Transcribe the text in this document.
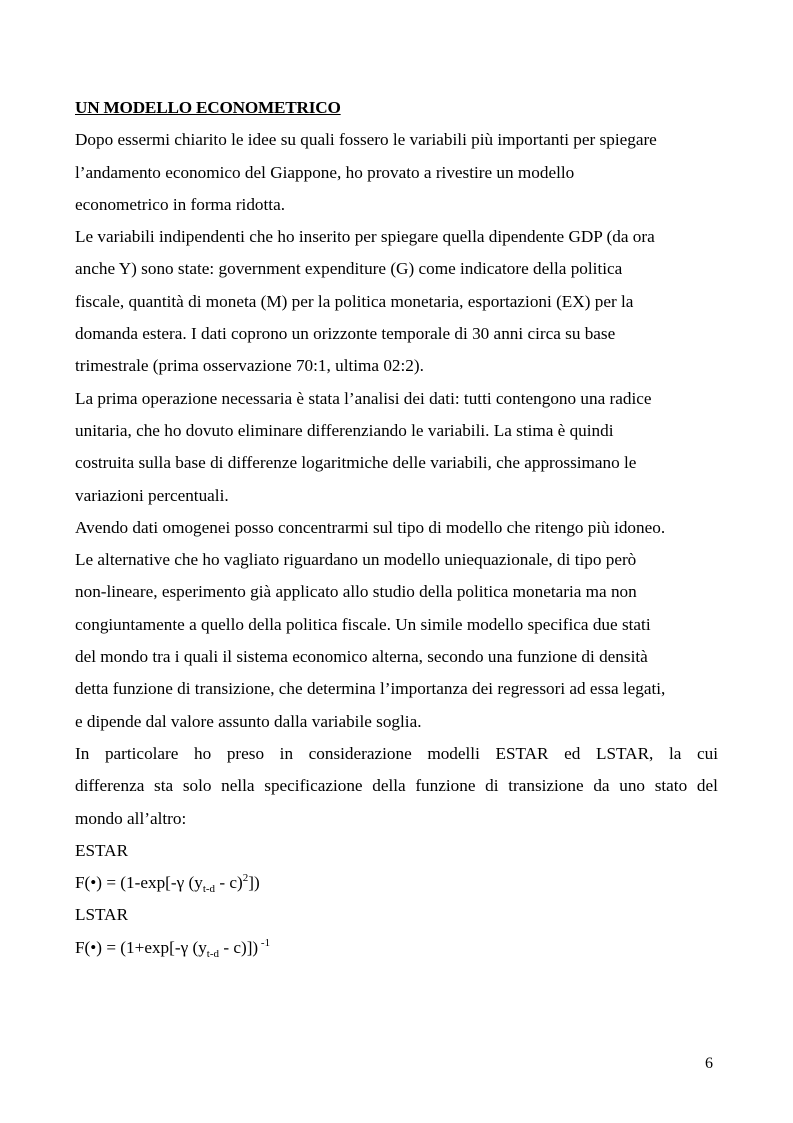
UN MODELLO ECONOMETRICO
Dopo essermi chiarito le idee su quali fossero le variabili più importanti per spiegare
l’andamento economico del Giappone, ho provato a rivestire un modello
econometrico in forma ridotta.
Le variabili indipendenti che ho inserito per spiegare quella dipendente GDP (da ora
anche Y) sono state: government expenditure (G) come indicatore della politica
fiscale, quantità di moneta (M) per la politica monetaria, esportazioni (EX) per la
domanda estera. I dati coprono un orizzonte temporale di 30 anni circa su base
trimestrale (prima osservazione 70:1, ultima 02:2).
La prima operazione necessaria è stata l’analisi dei dati: tutti contengono una radice
unitaria, che ho dovuto eliminare differenziando le variabili. La stima è quindi
costruita sulla base di differenze logaritmiche delle variabili, che approssimano le
variazioni percentuali.
Avendo dati omogenei posso concentrarmi sul tipo di modello che ritengo più idoneo.
Le alternative che ho vagliato riguardano un modello uniequazionale, di tipo però
non-lineare, esperimento già applicato allo studio della politica monetaria ma non
congiuntamente a quello della politica fiscale. Un simile modello specifica due stati
del mondo tra i quali il sistema economico alterna, secondo una funzione di densità
detta funzione di transizione, che determina l’importanza dei regressori ad essa legati,
e dipende dal valore assunto dalla variabile soglia.
In particolare ho preso in considerazione modelli ESTAR ed LSTAR, la cui
differenza sta solo nella specificazione della funzione di transizione da uno stato del
mondo all’altro:
ESTAR
F(•) = (1-exp[-γ $(y_{t-d} - c)^2$])
LSTAR
F(•) = (1+exp[-γ $(y_{t-d} - c)$]) $^{-1}$
6
